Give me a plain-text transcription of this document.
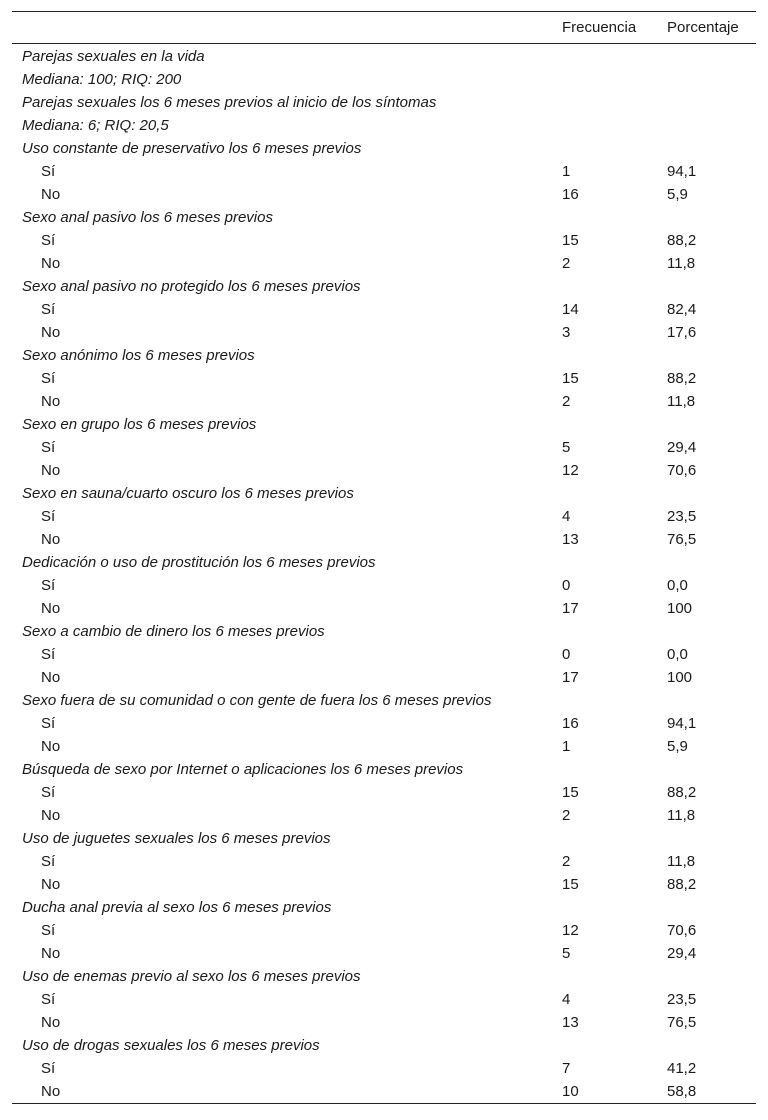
	Frecuencia	Porcentaje
Parejas sexuales en la vida		
Mediana: 100; RIQ: 200		
Parejas sexuales los 6 meses previos al inicio de los síntomas		
Mediana: 6; RIQ: 20,5		
Uso constante de preservativo los 6 meses previos		
Sí	1	94,1
No	16	5,9
Sexo anal pasivo los 6 meses previos		
Sí	15	88,2
No	2	11,8
Sexo anal pasivo no protegido los 6 meses previos		
Sí	14	82,4
No	3	17,6
Sexo anónimo los 6 meses previos		
Sí	15	88,2
No	2	11,8
Sexo en grupo los 6 meses previos		
Sí	5	29,4
No	12	70,6
Sexo en sauna/cuarto oscuro los 6 meses previos		
Sí	4	23,5
No	13	76,5
Dedicación o uso de prostitución los 6 meses previos		
Sí	0	0,0
No	17	100
Sexo a cambio de dinero los 6 meses previos		
Sí	0	0,0
No	17	100
Sexo fuera de su comunidad o con gente de fuera los 6 meses previos		
Sí	16	94,1
No	1	5,9
Búsqueda de sexo por Internet o aplicaciones los 6 meses previos		
Sí	15	88,2
No	2	11,8
Uso de juguetes sexuales los 6 meses previos		
Sí	2	11,8
No	15	88,2
Ducha anal previa al sexo los 6 meses previos		
Sí	12	70,6
No	5	29,4
Uso de enemas previo al sexo los 6 meses previos		
Sí	4	23,5
No	13	76,5
Uso de drogas sexuales los 6 meses previos		
Sí	7	41,2
No	10	58,8
